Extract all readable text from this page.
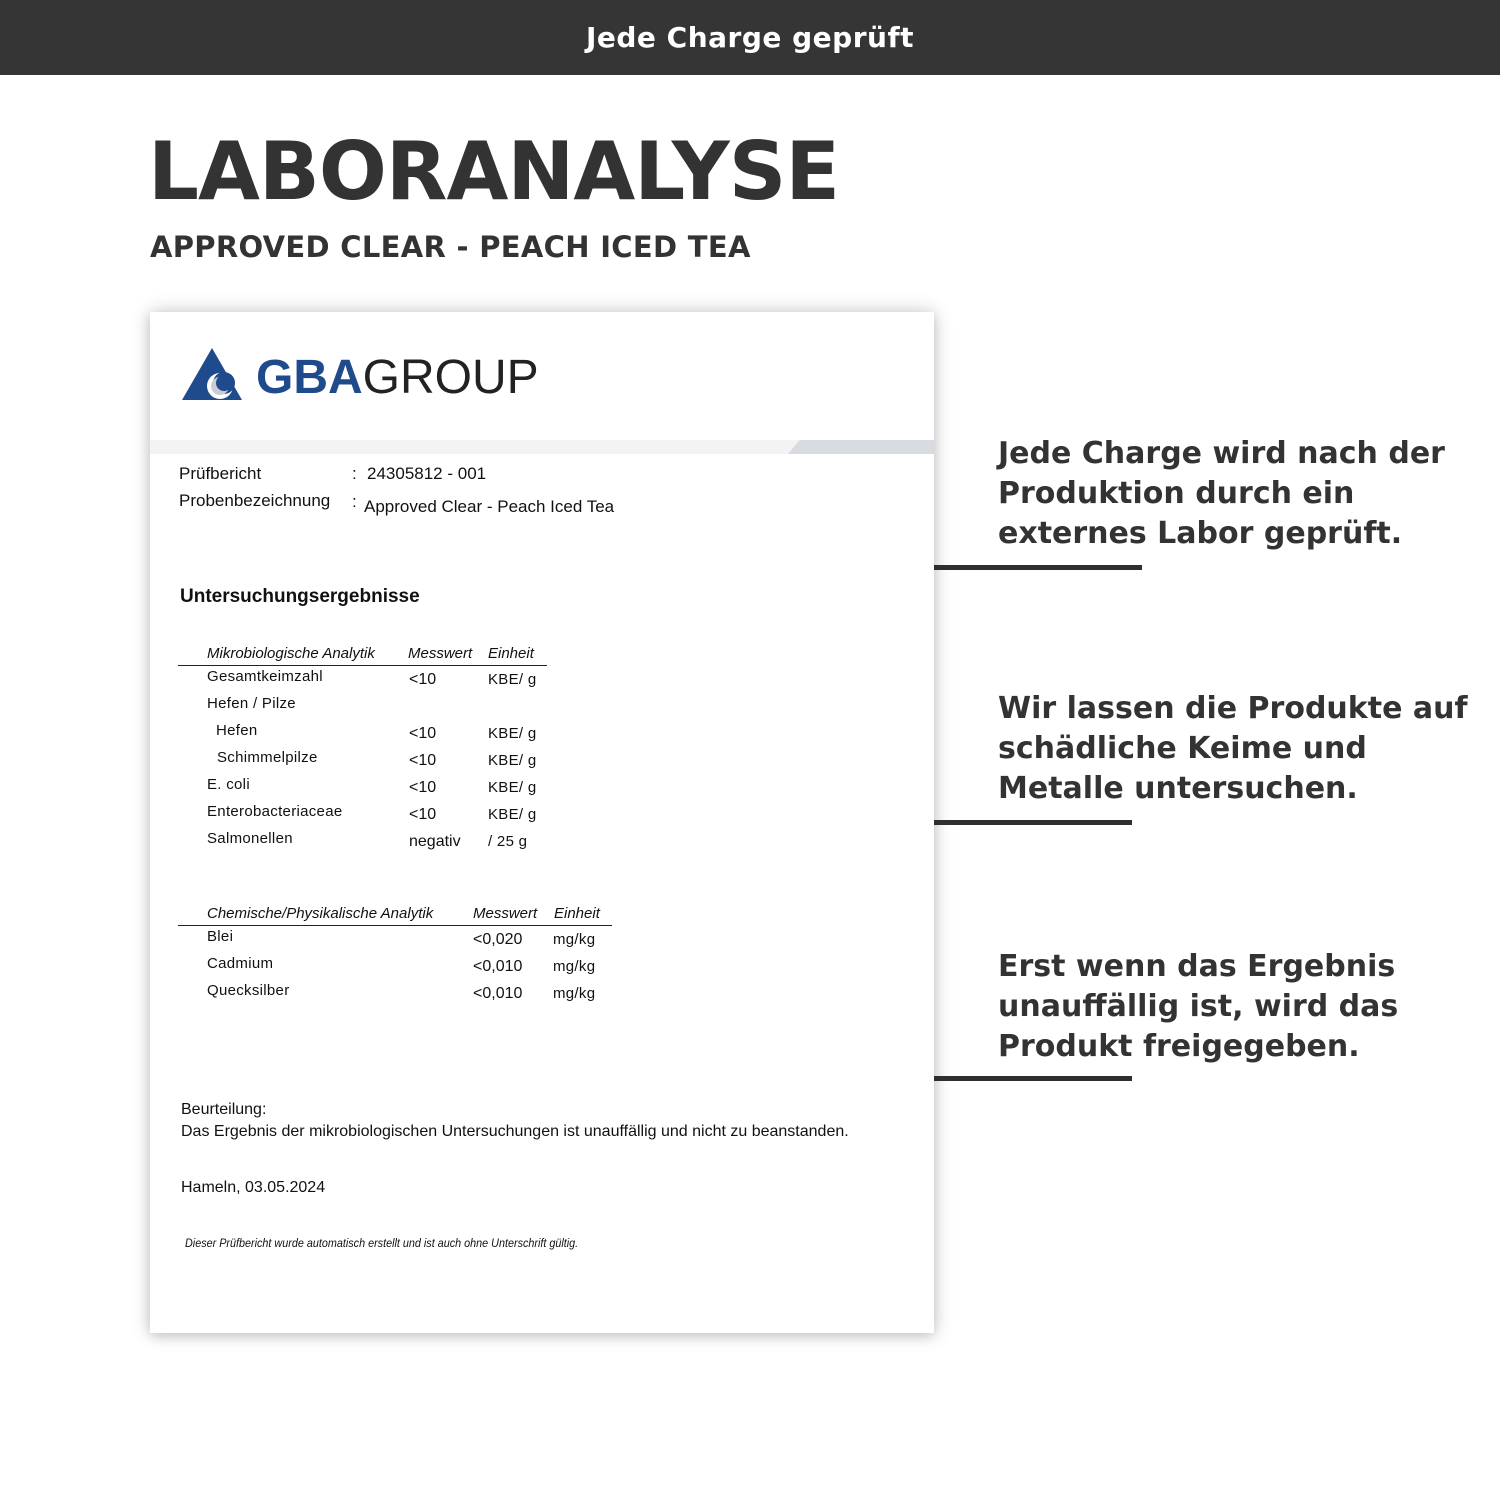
Jede Charge geprüft
LABORANALYSE
APPROVED CLEAR - PEACH ICED TEA
GBAGROUP
Prüfbericht	: 24305812 - 001
Probenbezeichnung : Approved Clear - Peach Iced Tea
Untersuchungsergebnisse
Mikrobiologische Analytik Messwert Einheit
Gesamtkeimzahl	<10	KBE/ g
Hefen / Pilze
Hefen	<10	KBE/ g
Schimmelpilze	<10	KBE/ g
E. coli	<10	KBE/ g
Enterobacteriaceae	<10	KBE/ g
Salmonellen	negativ / 25 g
Chemische/Physikalische Analytik	Messwert Einheit
Blei	<0,020 mg/kg
Cadmium	<0,010 mg/kg
Quecksilber	<0,010 mg/kg
Beurteilung:
Das Ergebnis der mikrobiologischen Untersuchungen ist unauffällig und nicht zu beanstanden.
Hameln, 03.05.2024
Dieser Prüfbericht wurde automatisch erstellt und ist auch ohne Unterschrift gültig.
Jede Charge wird nach der Produktion durch ein externes Labor geprüft.
Wir lassen die Produkte auf schädliche Keime und Metalle untersuchen.
Erst wenn das Ergebnis unauffällig ist, wird das Produkt freigegeben.
